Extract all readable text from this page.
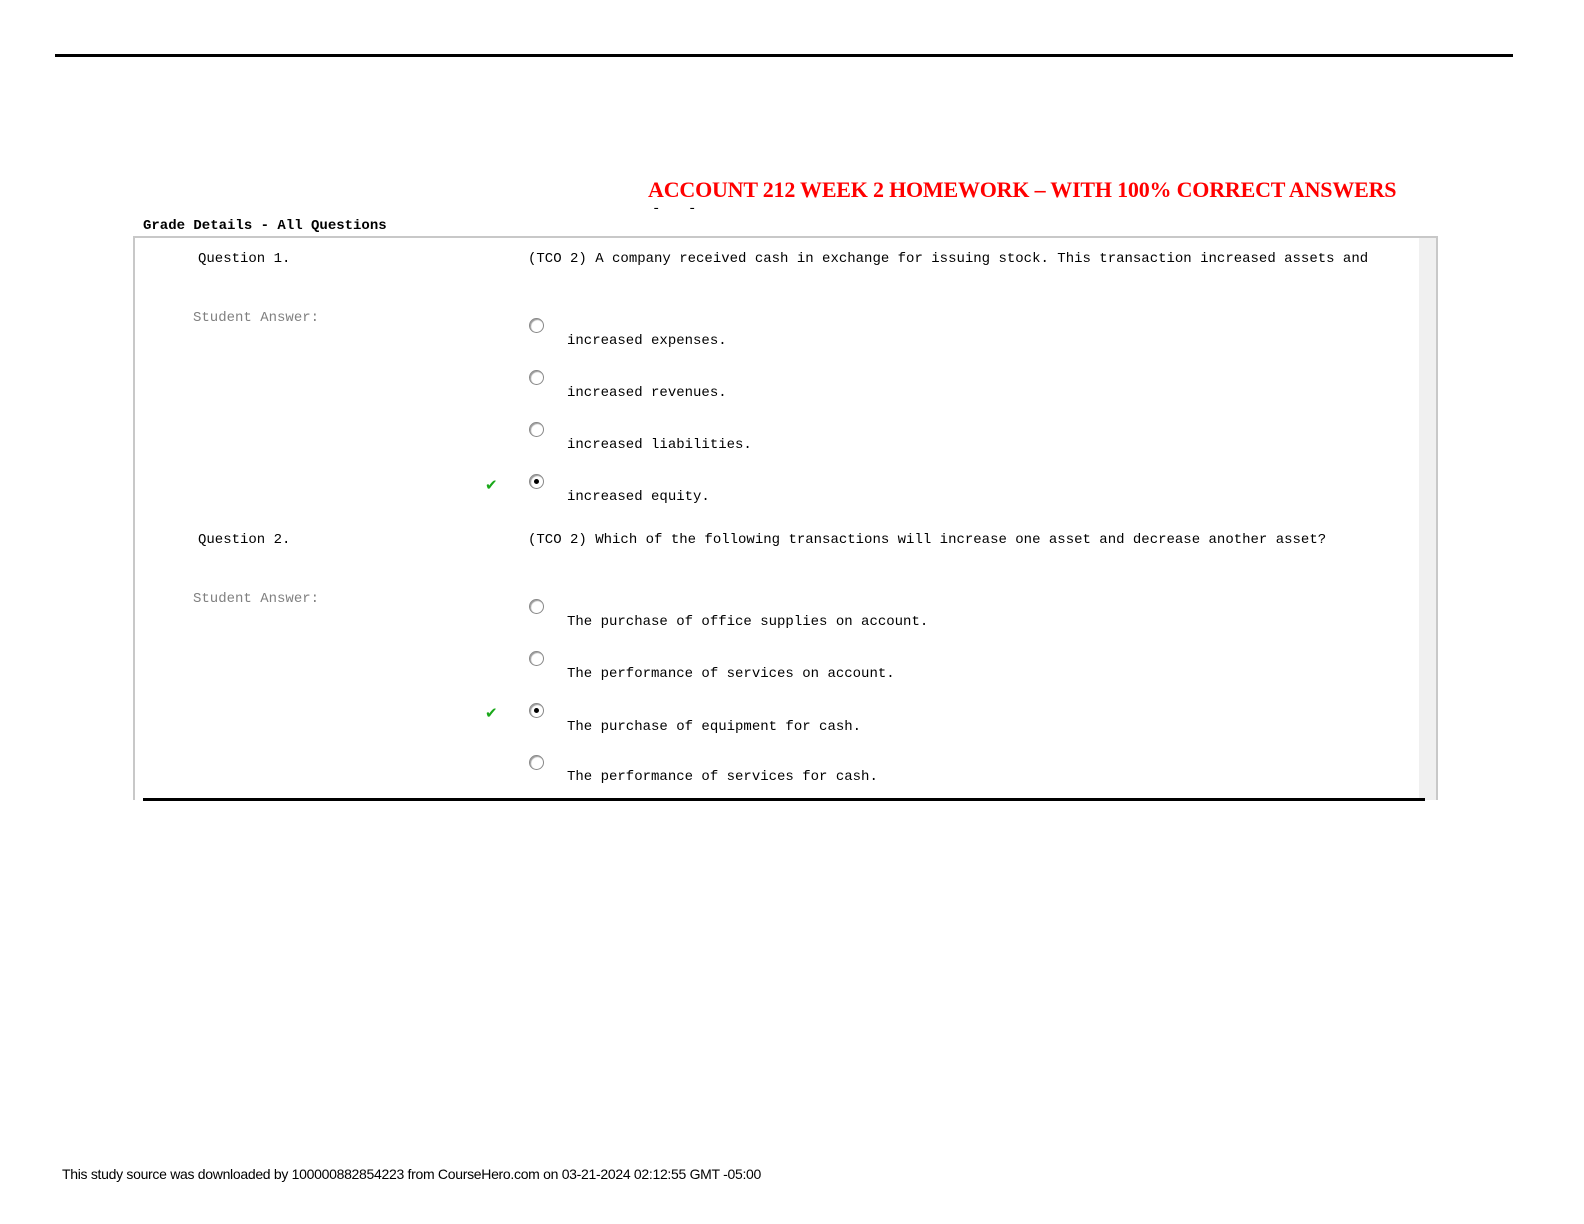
ACCOUNT 212 WEEK 2 HOMEWORK – WITH 100% CORRECT ANSWERS
- -
Grade Details - All Questions
Question 1.	(TCO 2) A company received cash in exchange for issuing stock. This transaction increased assets and
Student Answer:
increased expenses.
increased revenues.
increased liabilities.
✔
increased equity.
Question 2.	(TCO 2) Which of the following transactions will increase one asset and decrease another asset?
Student Answer:
The purchase of office supplies on account.
The performance of services on account.
✔
The purchase of equipment for cash.
The performance of services for cash.

This study source was downloaded by 100000882854223 from CourseHero.com on 03-21-2024 02:12:55 GMT -05:00
